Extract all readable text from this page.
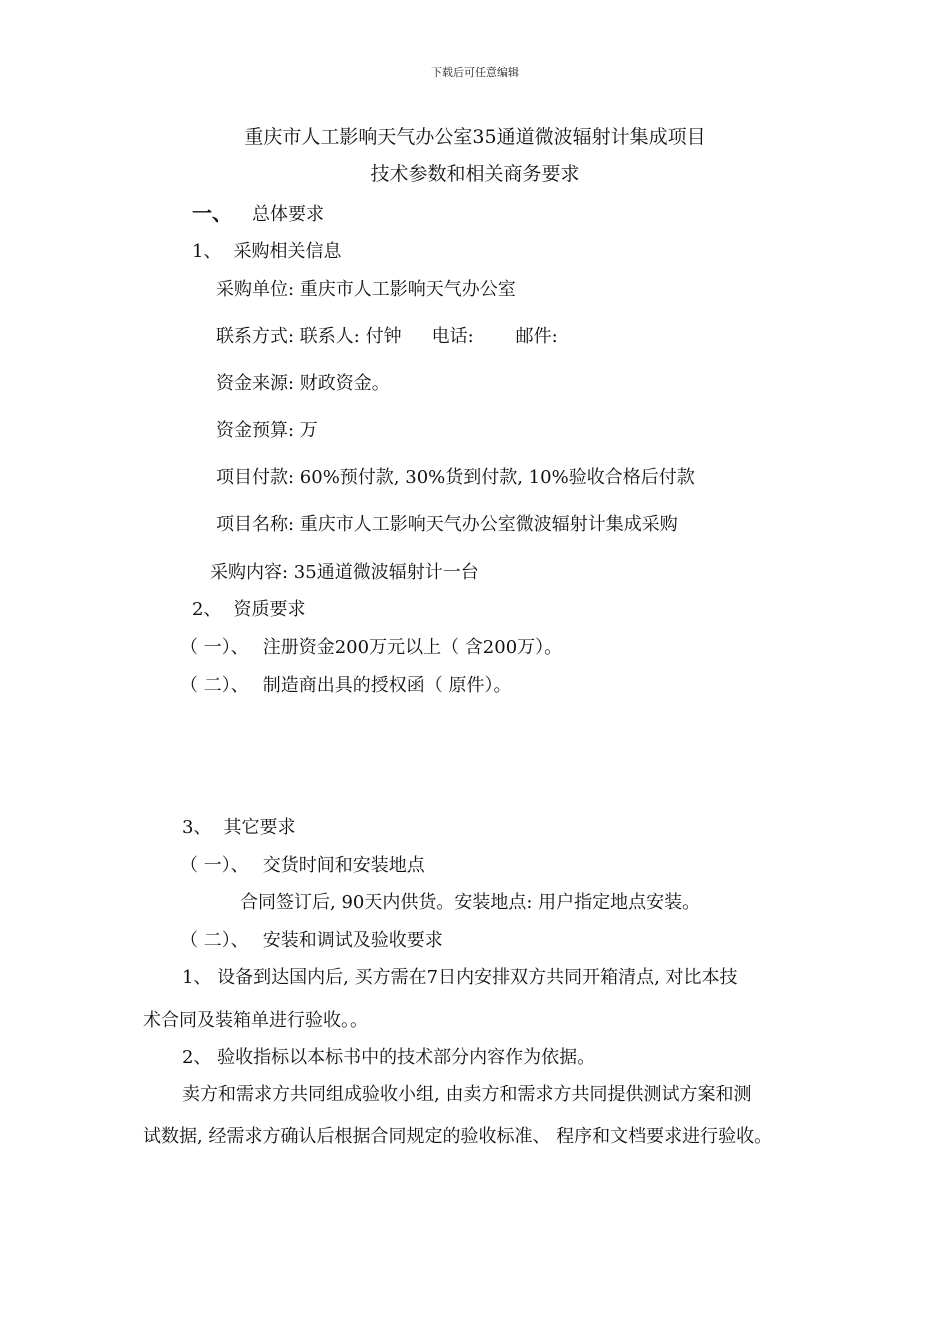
下载后可任意编辑
重庆市人工影响天气办公室35通道微波辐射计集成项目
技术参数和相关商务要求
一、 总体要求
1、 采购相关信息
采购单位: 重庆市人工影响天气办公室
联系方式: 联系人: 付钟 电话: 邮件:
资金来源: 财政资金。
资金预算: 万
项目付款: 60%预付款, 30%货到付款, 10%验收合格后付款
项目名称: 重庆市人工影响天气办公室微波辐射计集成采购
采购内容: 35通道微波辐射计一台
2、 资质要求
（ 一）、 注册资金200万元以上（ 含200万）。
（ 二）、 制造商出具的授权函（ 原件）。
3、 其它要求
（ 一）、 交货时间和安装地点
合同签订后, 90天内供货。安装地点: 用户指定地点安装。
（ 二）、 安装和调试及验收要求
1、 设备到达国内后, 买方需在7日内安排双方共同开箱清点, 对比本技
术合同及装箱单进行验收。。
2、 验收指标以本标书中的技术部分内容作为依据。
卖方和需求方共同组成验收小组, 由卖方和需求方共同提供测试方案和测
试数据, 经需求方确认后根据合同规定的验收标准、 程序和文档要求进行验收。
